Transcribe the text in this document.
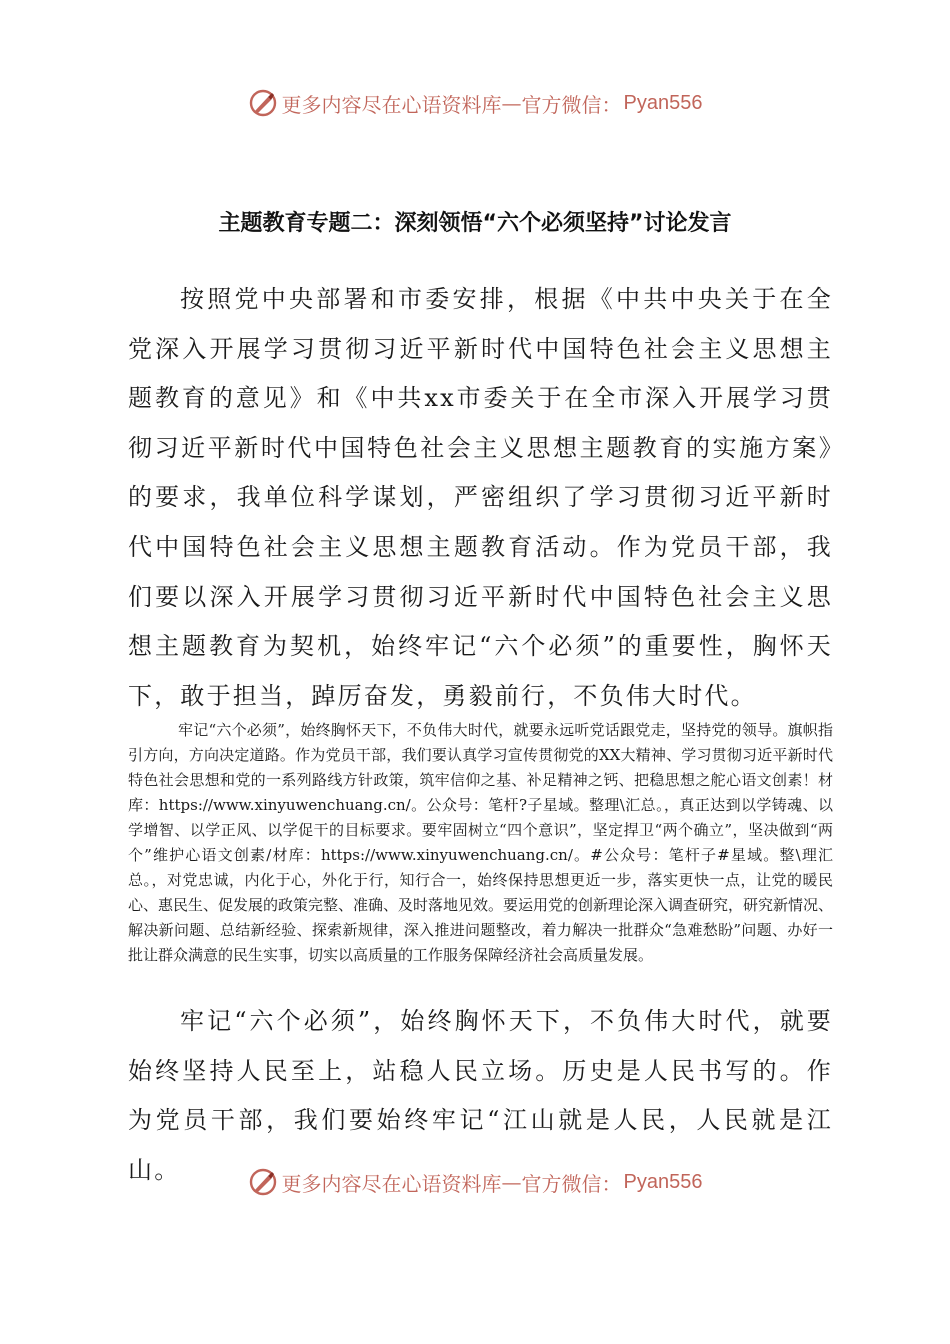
更多内容尽在心语资料库 — 官方微信： Pyan556
主题教育专题二：深刻领悟“六个必须坚持”讨论发言

按照党中央部署和市委安排，根据《中共中央关于在全党深入开展学习贯彻习近平新时代中国特色社会主义思想主题教育的意见》和《中共xx市委关于在全市深入开展学习贯彻习近平新时代中国特色社会主义思想主题教育的实施方案》的要求，我单位科学谋划，严密组织了学习贯彻习近平新时代中国特色社会主义思想主题教育活动。作为党员干部，我们要以深入开展学习贯彻习近平新时代中国特色社会主义思想主题教育为契机，始终牢记“六个必须”的重要性，胸怀天下，敢于担当，踔厉奋发，勇毅前行，不负伟大时代。

牢记“六个必须”，始终胸怀天下，不负伟大时代，就要永远听党话跟党走，坚持党的领导。旗帜指引方向，方向决定道路。作为党员干部，我们要认真学习宣传贯彻党的XX大精神、学习贯彻习近平新时代特色社会思想和党的一系列路线方针政策，筑牢信仰之基、补足精神之钙、把稳思想之舵心语文创素！材库：https://www.xinyuwenchuang.cn/。公众号：笔杆?子星域。整理\汇总。，真正达到以学铸魂、以学增智、以学正风、以学促干的目标要求。要牢固树立“四个意识”，坚定捍卫“两个确立”，坚决做到“两个”维护心语文创素/材库：https://www.xinyuwenchuang.cn/。#公众号：笔杆子#星域。整\理汇总。，对党忠诚，内化于心，外化于行，知行合一，始终保持思想更近一步，落实更快一点，让党的暖民心、惠民生、促发展的政策完整、准确、及时落地见效。要运用党的创新理论深入调查研究，研究新情况、解决新问题、总结新经验、探索新规律，深入推进问题整改，着力解决一批群众“急难愁盼”问题、办好一批让群众满意的民生实事，切实以高质量的工作服务保障经济社会高质量发展。

牢记“六个必须”，始终胸怀天下，不负伟大时代，就要始终坚持人民至上，站稳人民立场。历史是人民书写的。作为党员干部，我们要始终牢记“江山就是人民，人民就是江山。	更多内容尽在心语资料库 — 官方微信： Pyan556
